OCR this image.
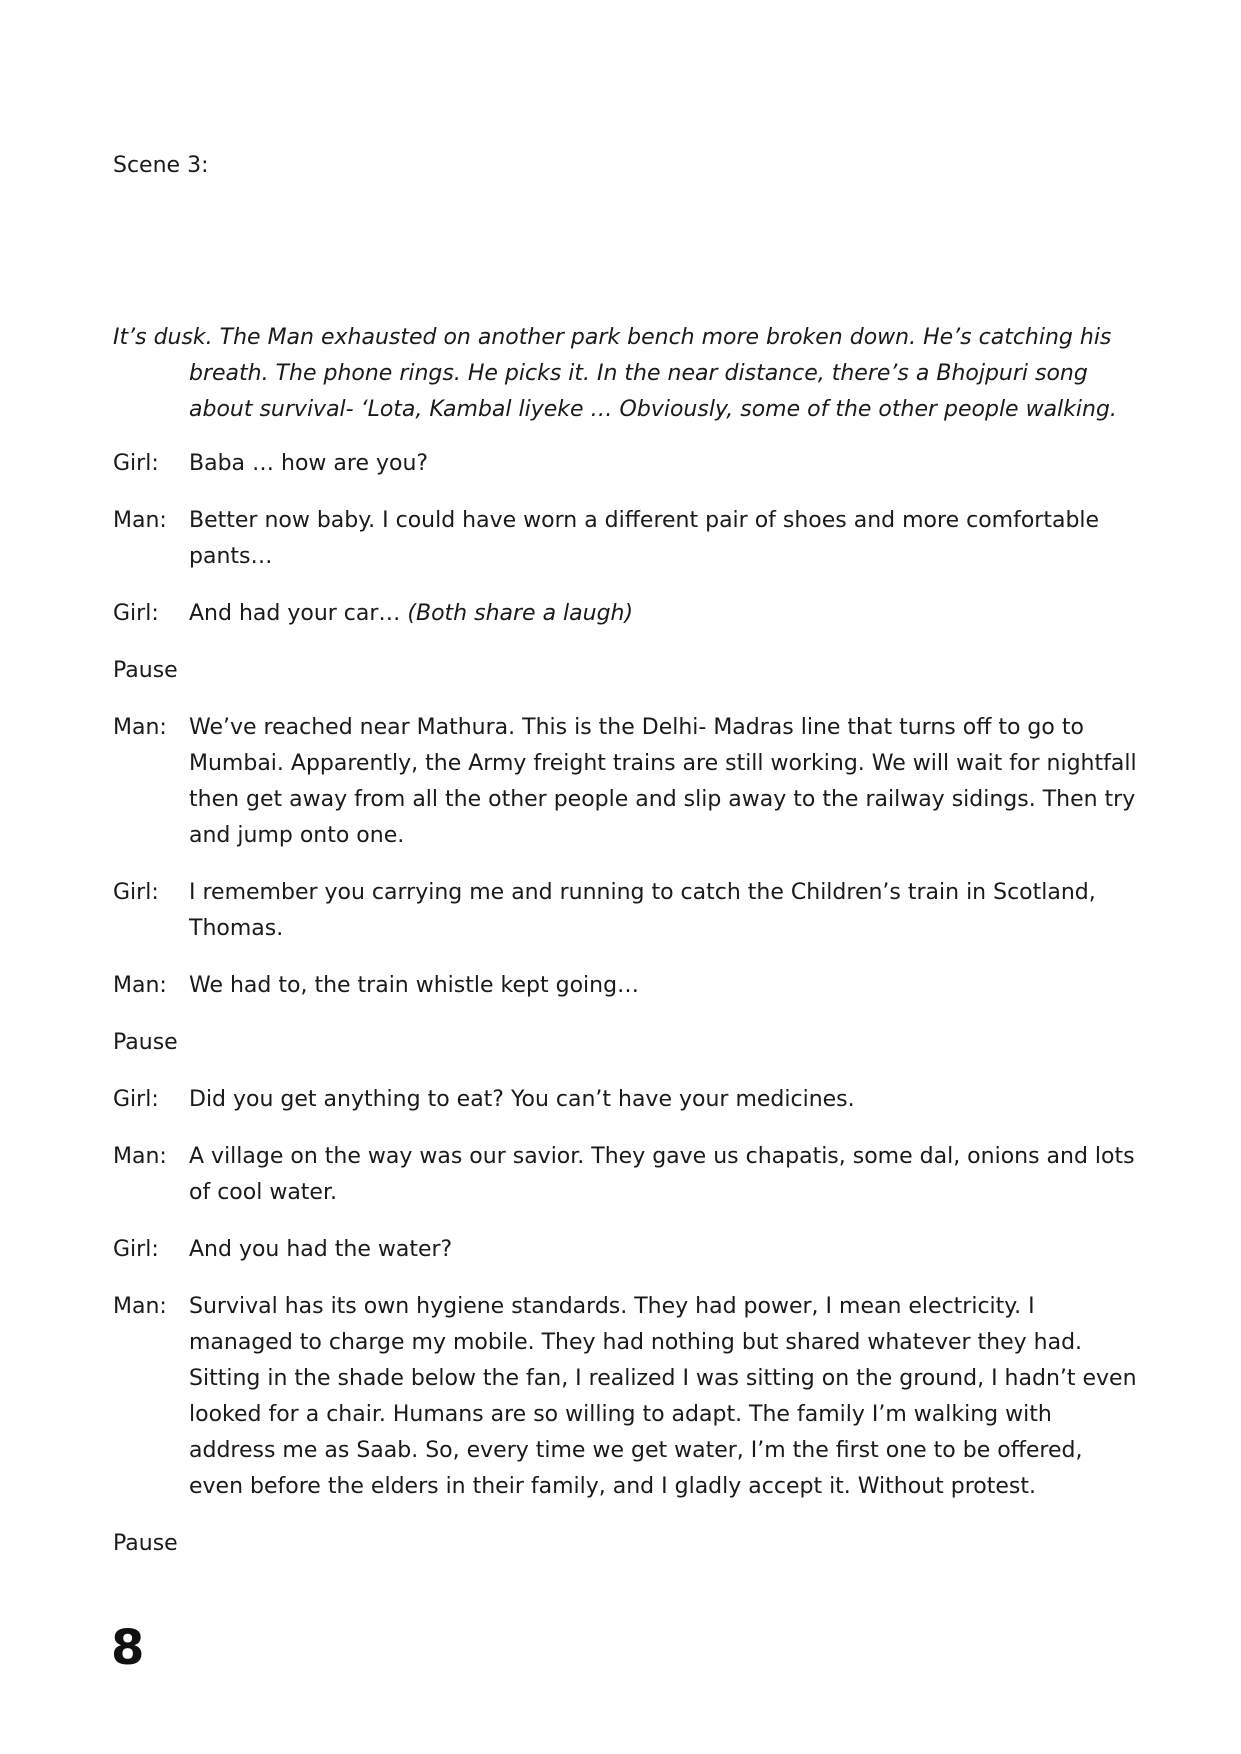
Scene 3:

It’s dusk. The Man exhausted on another park bench more broken down. He’s catching his breath. The phone rings. He picks it. In the near distance, there’s a Bhojpuri song about survival- ‘Lota, Kambal liyeke … Obviously, some of the other people walking.

Girl:	Baba … how are you?
Man:	Better now baby. I could have worn a different pair of shoes and more comfortable pants…
Girl:	And had your car… (Both share a laugh)
Pause
Man:	We’ve reached near Mathura. This is the Delhi- Madras line that turns off to go to Mumbai. Apparently, the Army freight trains are still working. We will wait for nightfall then get away from all the other people and slip away to the railway sidings. Then try and jump onto one.
Girl:	I remember you carrying me and running to catch the Children’s train in Scotland, Thomas.
Man:	We had to, the train whistle kept going…
Pause
Girl:	Did you get anything to eat? You can’t have your medicines.
Man:	A village on the way was our savior. They gave us chapatis, some dal, onions and lots of cool water.
Girl:	And you had the water?
Man:	Survival has its own hygiene standards. They had power, I mean electricity. I managed to charge my mobile. They had nothing but shared whatever they had. Sitting in the shade below the fan, I realized I was sitting on the ground, I hadn’t even looked for a chair. Humans are so willing to adapt. The family I’m walking with address me as Saab. So, every time we get water, I’m the first one to be offered, even before the elders in their family, and I gladly accept it. Without protest.
Pause
8
